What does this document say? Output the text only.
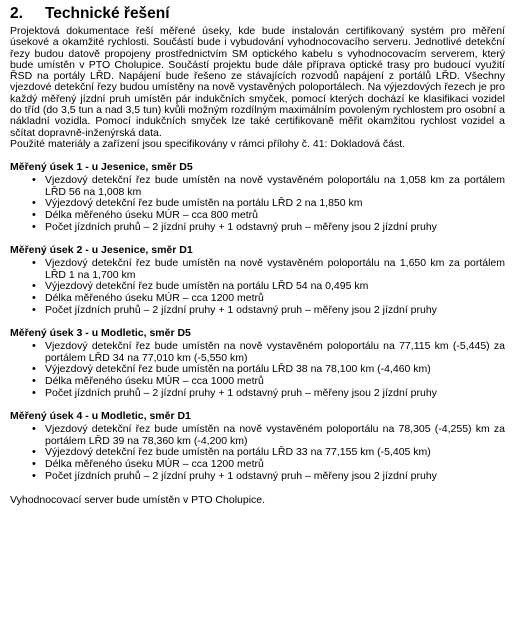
2. Technické řešení

Projektová dokumentace řeší měřené úseky, kde bude instalován certifikovaný systém pro měření úsekové a okamžité rychlosti. Součástí bude i vybudování vyhodnocovacího serveru. Jednotlivé detekční řezy budou datově propojeny prostřednictvím SM optického kabelu s vyhodnocovacím serverem, který bude umístěn v PTO Cholupice. Součástí projektu bude dále příprava optické trasy pro budoucí využití ŘSD na portály LŘD. Napájení bude řešeno ze stávajících rozvodů napájení z portálů LŘD. Všechny vjezdové detekční řezy budou umístěny na nově vystavěných poloportálech. Na výjezdových řezech je pro každý měřený jízdní pruh umístěn pár indukčních smyček, pomocí kterých dochází ke klasifikaci vozidel do tříd (do 3,5 tun a nad 3,5 tun) kvůli možným rozdílným maximálním povoleným rychlostem pro osobní a nákladní vozidla. Pomocí indukčních smyček lze také certifikovaně měřit okamžitou rychlost vozidel a sčítat dopravně-inženýrská data.

Použité materiály a zařízení jsou specifikovány v rámci přílohy č. 41: Dokladová část.

Měřený úsek 1 - u Jesenice, směr D5
• Vjezdový detekční řez bude umístěn na nově vystavěném poloportálu na 1,058 km za portálem LŘD 56 na 1,008 km
• Výjezdový detekční řez bude umístěn na portálu LŘD 2 na 1,850 km
• Délka měřeného úseku MÚR – cca 800 metrů
• Počet jízdních pruhů – 2 jízdní pruhy + 1 odstavný pruh – měřeny jsou 2 jízdní pruhy
Měřený úsek 2 - u Jesenice, směr D1
• Vjezdový detekční řez bude umístěn na nově vystavěném poloportálu na 1,650 km za portálem LŘD 1 na 1,700 km
• Výjezdový detekční řez bude umístěn na portálu LŘD 54 na 0,495 km
• Délka měřeného úseku MÚR – cca 1200 metrů
• Počet jízdních pruhů – 2 jízdní pruhy + 1 odstavný pruh – měřeny jsou 2 jízdní pruhy
Měřený úsek 3 - u Modletic, směr D5
• Vjezdový detekční řez bude umístěn na nově vystavěném poloportálu na 77,115 km (-5,445) za portálem LŘD 34 na 77,010 km (-5,550 km)
• Výjezdový detekční řez bude umístěn na portálu LŘD 38 na 78,100 km (-4,460 km)
• Délka měřeného úseku MÚR – cca 1000 metrů
• Počet jízdních pruhů – 2 jízdní pruhy + 1 odstavný pruh – měřeny jsou 2 jízdní pruhy
Měřený úsek 4 - u Modletic, směr D1
• Vjezdový detekční řez bude umístěn na nově vystavěném poloportálu na 78,305 (-4,255) km za portálem LŘD 39 na 78,360 km (-4,200 km)
• Výjezdový detekční řez bude umístěn na portálu LŘD 33 na 77,155 km (-5,405 km)
• Délka měřeného úseku MÚR – cca 1200 metrů
• Počet jízdních pruhů – 2 jízdní pruhy + 1 odstavný pruh – měřeny jsou 2 jízdní pruhy

Vyhodnocovací server bude umístěn v PTO Cholupice.
